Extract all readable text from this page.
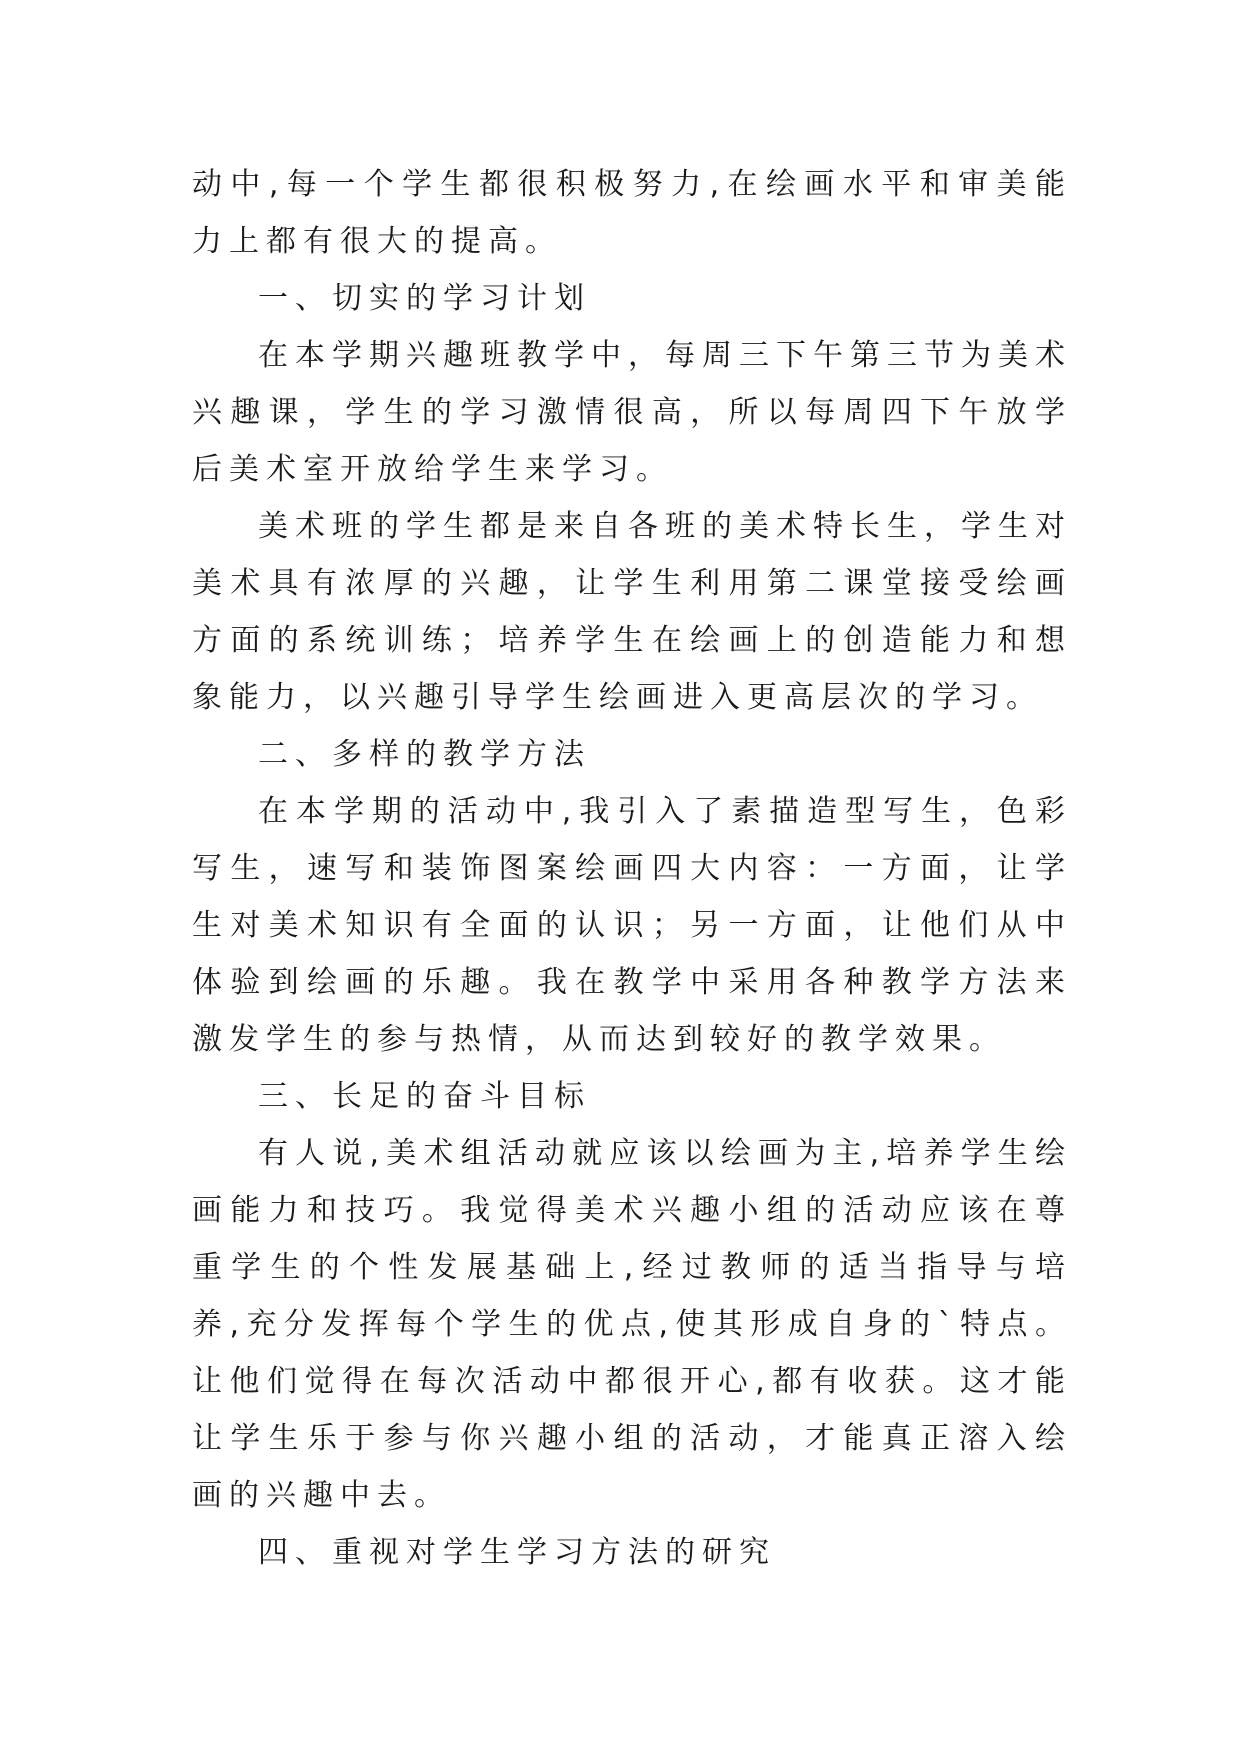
动中,每一个学生都很积极努力,在绘画水平和审美能力上都有很大的提高。

一、切实的学习计划

在本学期兴趣班教学中，每周三下午第三节为美术兴趣课，学生的学习激情很高，所以每周四下午放学后美术室开放给学生来学习。

美术班的学生都是来自各班的美术特长生，学生对美术具有浓厚的兴趣，让学生利用第二课堂接受绘画方面的系统训练；培养学生在绘画上的创造能力和想象能力，以兴趣引导学生绘画进入更高层次的学习。

二、多样的教学方法

在本学期的活动中,我引入了素描造型写生，色彩写生，速写和装饰图案绘画四大内容：一方面，让学生对美术知识有全面的认识；另一方面，让他们从中体验到绘画的乐趣。我在教学中采用各种教学方法来激发学生的参与热情，从而达到较好的教学效果。

三、长足的奋斗目标

有人说,美术组活动就应该以绘画为主,培养学生绘画能力和技巧。我觉得美术兴趣小组的活动应该在尊重学生的个性发展基础上,经过教师的适当指导与培养,充分发挥每个学生的优点,使其形成自身的`特点。让他们觉得在每次活动中都很开心,都有收获。这才能让学生乐于参与你兴趣小组的活动，才能真正溶入绘画的兴趣中去。

四、重视对学生学习方法的研究
